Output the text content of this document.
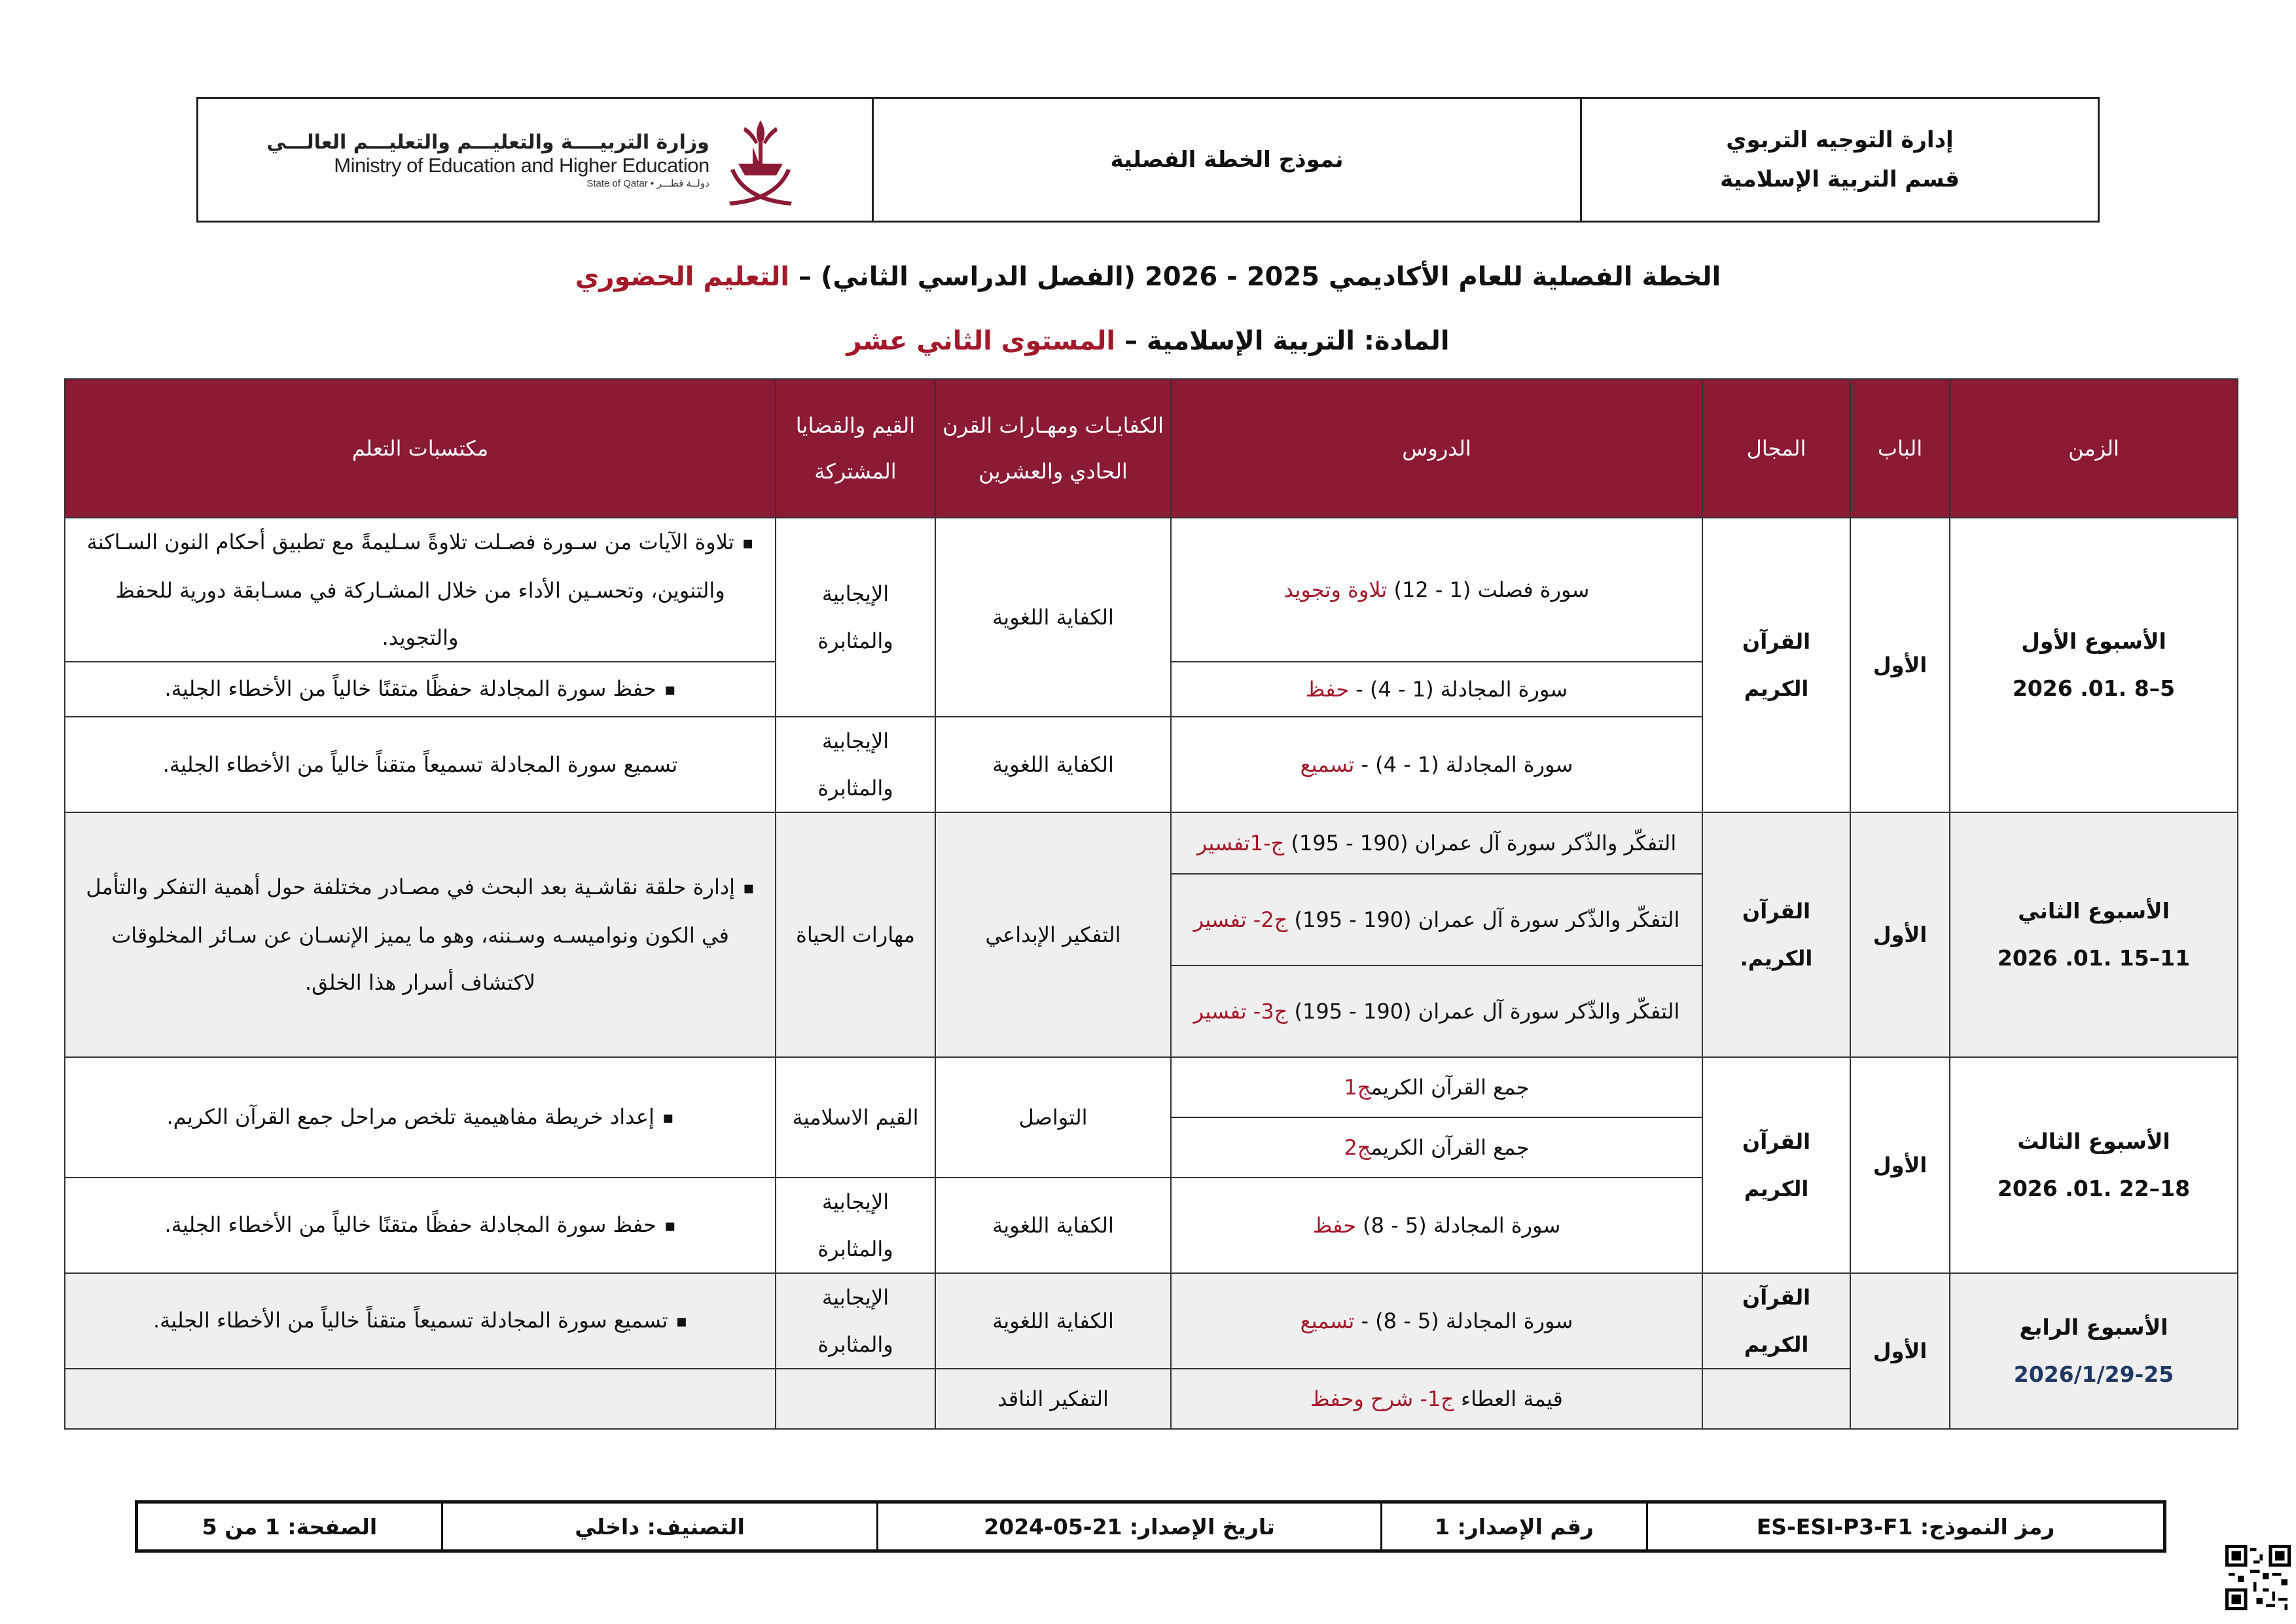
وزارة التربيــــة والتعليـــم والتعليـــم العالـــي
Ministry of Education and Higher Education
State of Qatar • دولــة قطـــر
نموذج الخطة الفصلية
إدارة التوجيه التربوي
قسم التربية الإسلامية
الخطة الفصلية للعام الأكاديمي 2025 - 2026 (الفصل الدراسي الثاني) – التعليم الحضوري
المادة: التربية الإسلامية – المستوى الثاني عشر
الزمن	الباب	المجال	الدروس	الكفايـات ومهـارات القرن الحادي والعشرين	القيم والقضايا المشتركة	مكتسبات التعلم

الأسبوع الأول
5–8 .01. 2026	الأول	القرآن الكريم	سورة فصلت (1 - 12) تلاوة وتجويد	الكفاية اللغوية	الإيجابية والمثابرة	▪ تلاوة الآيات من سـورة فصـلت تلاوةً سـليمةً مع تطبيق أحكام النون السـاكنة والتنوين، وتحسـين الأداء من خلال المشـاركة في مسـابقة دورية للحفظ والتجويد.
			سورة المجادلة (1 - 4) - حفظ			▪ حفظ سورة المجادلة حفظًا متقنًا خالياً من الأخطاء الجلية.
			سورة المجادلة (1 - 4) - تسميع	الكفاية اللغوية	الإيجابية والمثابرة	تسميع سورة المجادلة تسميعاً متقناً خالياً من الأخطاء الجلية.

الأسبوع الثاني
11–15 .01. 2026	الأول	القرآن الكريم.	التفكّر والذّكر سورة آل عمران (190 - 195) ج-1تفسير	التفكير الإبداعي	مهارات الحياة	▪ إدارة حلقة نقاشـية بعد البحث في مصـادر مختلفة حول أهمية التفكر والتأمل في الكون ونواميسـه وسـننه، وهو ما يميز الإنسـان عن سـائر المخلوقات لاكتشاف أسرار هذا الخلق.
			التفكّر والذّكر سورة آل عمران (190 - 195) ج2- تفسير			
			التفكّر والذّكر سورة آل عمران (190 - 195) ج3- تفسير			

الأسبوع الثالث
18–22 .01. 2026	الأول	القرآن الكريم	جمع القرآن الكريمج1	التواصل	القيم الاسلامية	▪ إعداد خريطة مفاهيمية تلخص مراحل جمع القرآن الكريم.
			جمع القرآن الكريمج2			
			سورة المجادلة (5 - 8) حفظ	الكفاية اللغوية	الإيجابية والمثابرة	▪ حفظ سورة المجادلة حفظًا متقنًا خالياً من الأخطاء الجلية.

الأسبوع الرابع
2026/1/29-25	الأول	القرآن الكريم	سورة المجادلة (5 - 8) - تسميع	الكفاية اللغوية	الإيجابية والمثابرة	▪ تسميع سورة المجادلة تسميعاً متقناً خالياً من الأخطاء الجلية.
			قيمة العطاء ج1- شرح وحفظ	التفكير الناقد		
رمز النموذج: ES-ESI-P3-F1
رقم الإصدار: 1
تاريخ الإصدار: 21-05-2024
التصنيف: داخلي
الصفحة: 1 من 5
